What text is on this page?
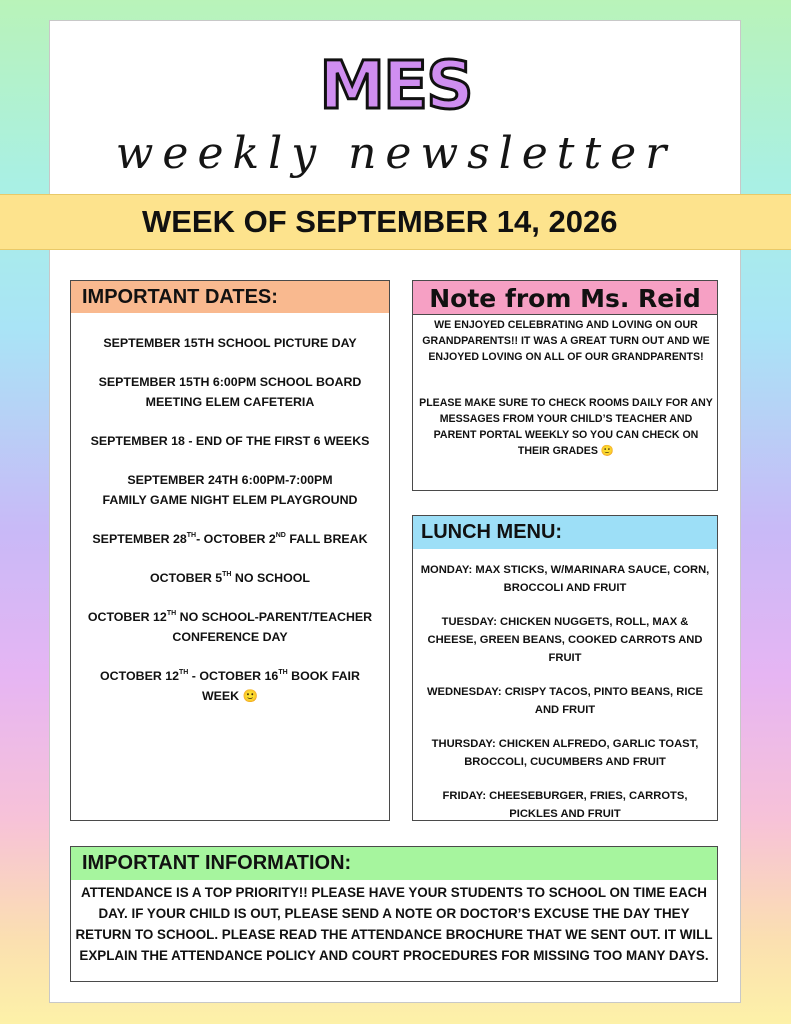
MES
weekly newsletter
WEEK OF SEPTEMBER 14, 2026
IMPORTANT DATES:
SEPTEMBER 15TH SCHOOL PICTURE DAY
SEPTEMBER 15TH 6:00PM SCHOOL BOARD
MEETING ELEM CAFETERIA
SEPTEMBER 18 - END OF THE FIRST 6 WEEKS
SEPTEMBER 24TH 6:00PM-7:00PM
FAMILY GAME NIGHT ELEM PLAYGROUND
SEPTEMBER 28TH- OCTOBER 2ND FALL BREAK
OCTOBER 5TH NO SCHOOL
OCTOBER 12TH NO SCHOOL-PARENT/TEACHER
CONFERENCE DAY
OCTOBER 12TH - OCTOBER 16TH BOOK FAIR
WEEK 🙂
Note from Ms. Reid
WE ENJOYED CELEBRATING AND LOVING ON OUR GRANDPARENTS!! IT WAS A GREAT TURN OUT AND WE ENJOYED LOVING ON ALL OF OUR GRANDPARENTS!
PLEASE MAKE SURE TO CHECK ROOMS DAILY FOR ANY MESSAGES FROM YOUR CHILD’S TEACHER AND PARENT PORTAL WEEKLY SO YOU CAN CHECK ON THEIR GRADES 🙂
LUNCH MENU:
MONDAY: MAX STICKS, W/MARINARA SAUCE, CORN, BROCCOLI AND FRUIT
TUESDAY: CHICKEN NUGGETS, ROLL, MAX & CHEESE, GREEN BEANS, COOKED CARROTS AND FRUIT
WEDNESDAY: CRISPY TACOS, PINTO BEANS, RICE AND FRUIT
THURSDAY: CHICKEN ALFREDO, GARLIC TOAST, BROCCOLI, CUCUMBERS AND FRUIT
FRIDAY: CHEESEBURGER, FRIES, CARROTS, PICKLES AND FRUIT
IMPORTANT INFORMATION:
ATTENDANCE IS A TOP PRIORITY!! PLEASE HAVE YOUR STUDENTS TO SCHOOL ON TIME EACH DAY. IF YOUR CHILD IS OUT, PLEASE SEND A NOTE OR DOCTOR’S EXCUSE THE DAY THEY RETURN TO SCHOOL. PLEASE READ THE ATTENDANCE BROCHURE THAT WE SENT OUT. IT WILL EXPLAIN THE ATTENDANCE POLICY AND COURT PROCEDURES FOR MISSING TOO MANY DAYS.
